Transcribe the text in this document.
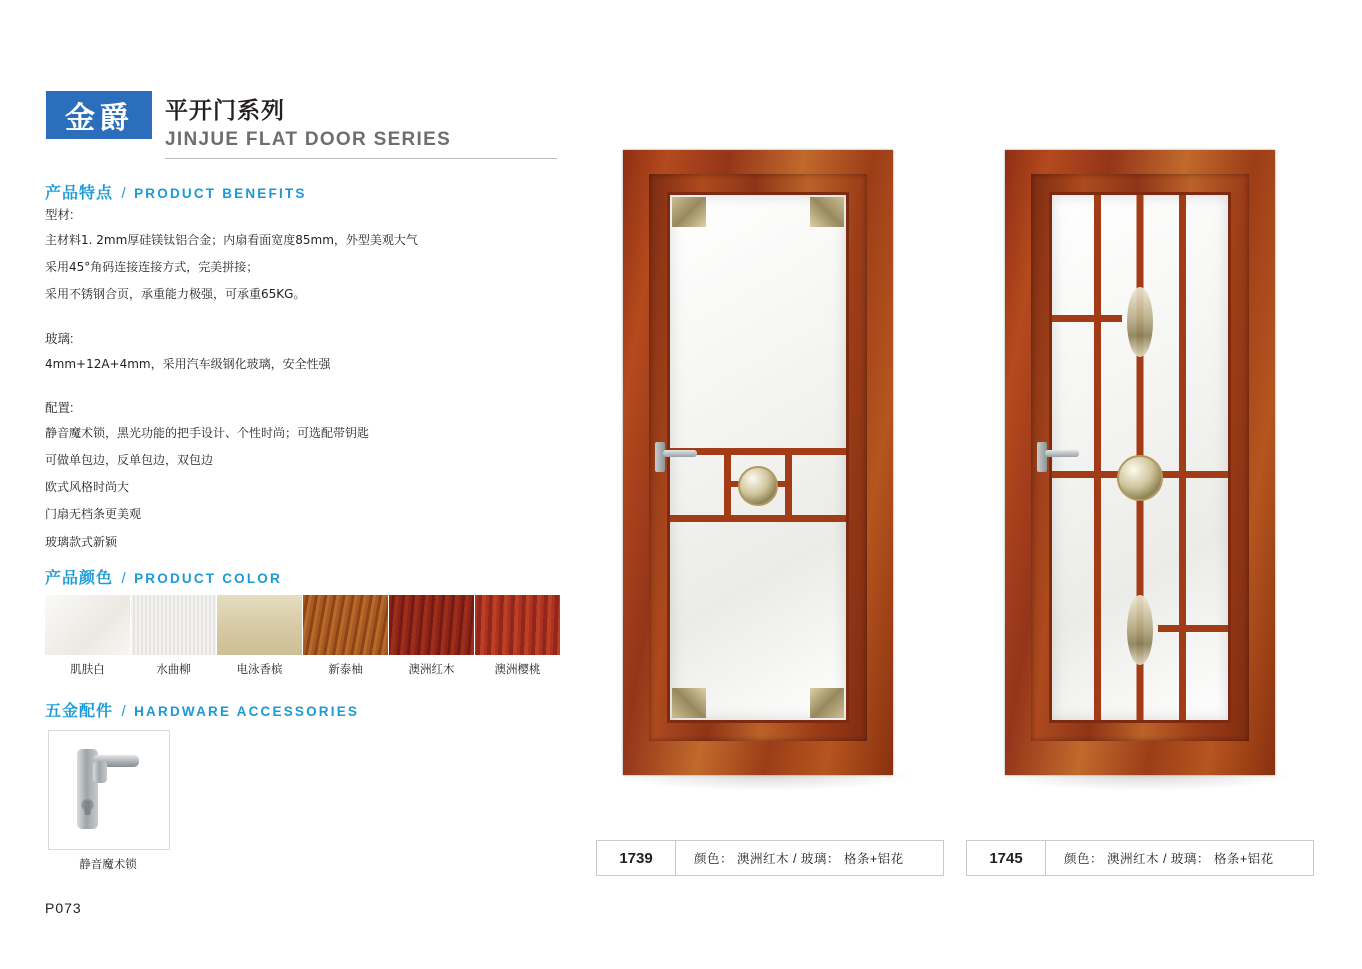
金爵	平开门系列
JINJUE FLAT DOOR SERIES
产品特点 / PRODUCT BENEFITS
型材:
主材料1. 2mm厚硅镁钛铝合金；内扇看面宽度85mm，外型美观大气
采用45°角码连接连接方式，完美拼接；
采用不锈钢合页，承重能力极强，可承重65KG。
玻璃:
4mm+12A+4mm，采用汽车级钢化玻璃，安全性强
配置:
静音魔术锁，黑光功能的把手设计、个性时尚；可选配带钥匙
可做单包边，反单包边，双包边
欧式风格时尚大
门扇无档条更美观
玻璃款式新颖
产品颜色 / PRODUCT COLOR
肌肤白	水曲柳	电泳香槟	新泰柚	澳洲红木	澳洲樱桃
五金配件 / HARDWARE ACCESSORIES
静音魔术锁
P073
1739	颜色： 澳洲红木 / 玻璃： 格条+铝花	1745	颜色： 澳洲红木 / 玻璃： 格条+铝花
